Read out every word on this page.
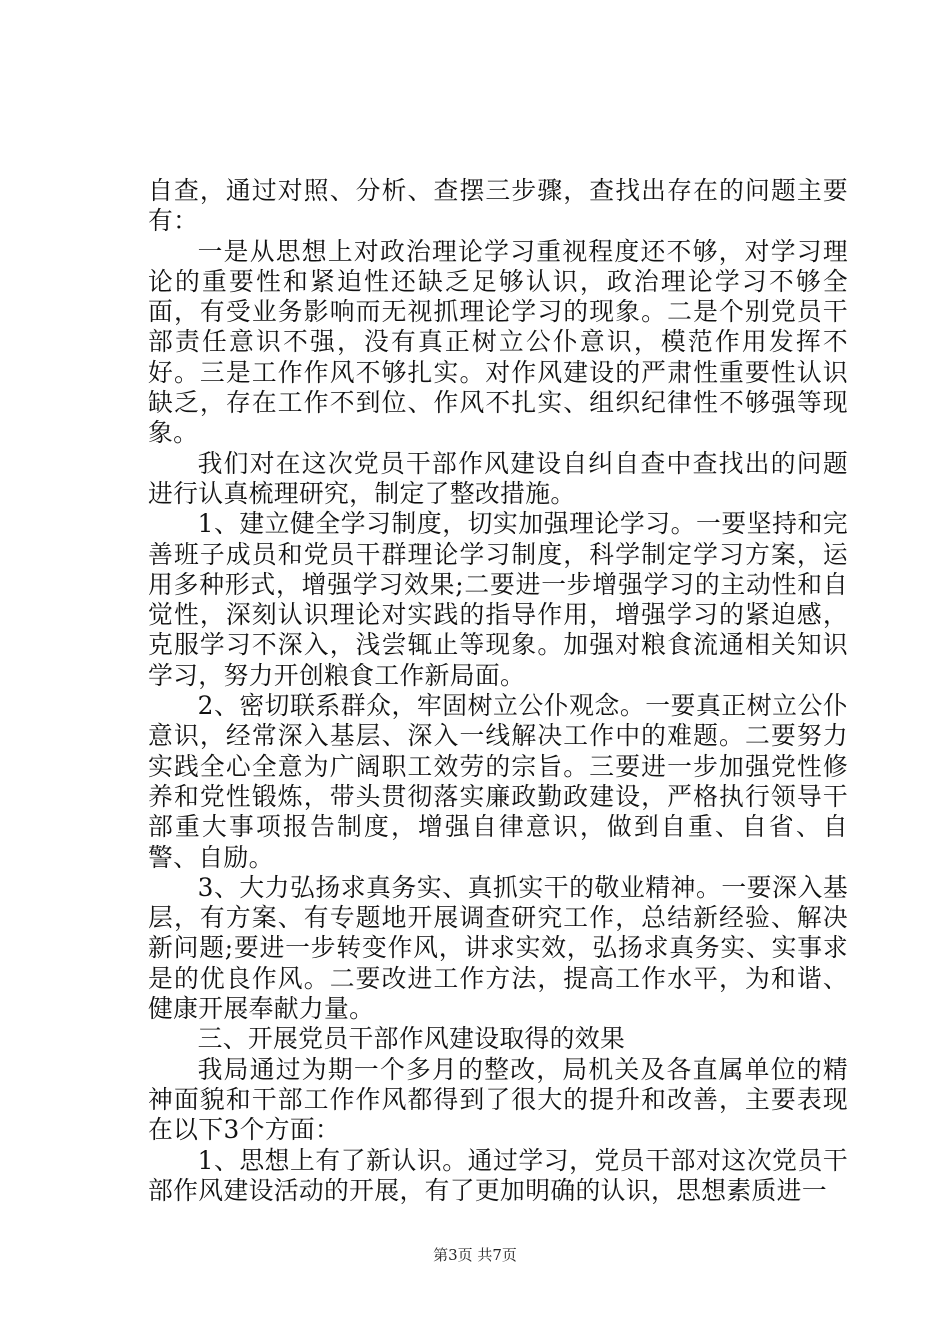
自查，通过对照、分析、查摆三步骤，查找出存在的问题主要有：

一是从思想上对政治理论学习重视程度还不够，对学习理论的重要性和紧迫性还缺乏足够认识，政治理论学习不够全面，有受业务影响而无视抓理论学习的现象。二是个别党员干部责任意识不强，没有真正树立公仆意识，模范作用发挥不好。三是工作作风不够扎实。对作风建设的严肃性重要性认识缺乏，存在工作不到位、作风不扎实、组织纪律性不够强等现象。

我们对在这次党员干部作风建设自纠自查中查找出的问题进行认真梳理研究，制定了整改措施。

1、建立健全学习制度，切实加强理论学习。一要坚持和完善班子成员和党员干群理论学习制度，科学制定学习方案，运用多种形式，增强学习效果;二要进一步增强学习的主动性和自觉性，深刻认识理论对实践的指导作用，增强学习的紧迫感，克服学习不深入，浅尝辄止等现象。加强对粮食流通相关知识学习，努力开创粮食工作新局面。

2、密切联系群众，牢固树立公仆观念。一要真正树立公仆意识，经常深入基层、深入一线解决工作中的难题。二要努力实践全心全意为广阔职工效劳的宗旨。三要进一步加强党性修养和党性锻炼，带头贯彻落实廉政勤政建设，严格执行领导干部重大事项报告制度，增强自律意识，做到自重、自省、自警、自励。

3、大力弘扬求真务实、真抓实干的敬业精神。一要深入基层，有方案、有专题地开展调查研究工作，总结新经验、解决新问题;要进一步转变作风，讲求实效，弘扬求真务实、实事求是的优良作风。二要改进工作方法，提高工作水平，为和谐、健康开展奉献力量。

三、开展党员干部作风建设取得的效果

我局通过为期一个多月的整改，局机关及各直属单位的精神面貌和干部工作作风都得到了很大的提升和改善，主要表现在以下3个方面：

1、思想上有了新认识。通过学习，党员干部对这次党员干部作风建设活动的开展，有了更加明确的认识，思想素质进一

第3页 共7页
